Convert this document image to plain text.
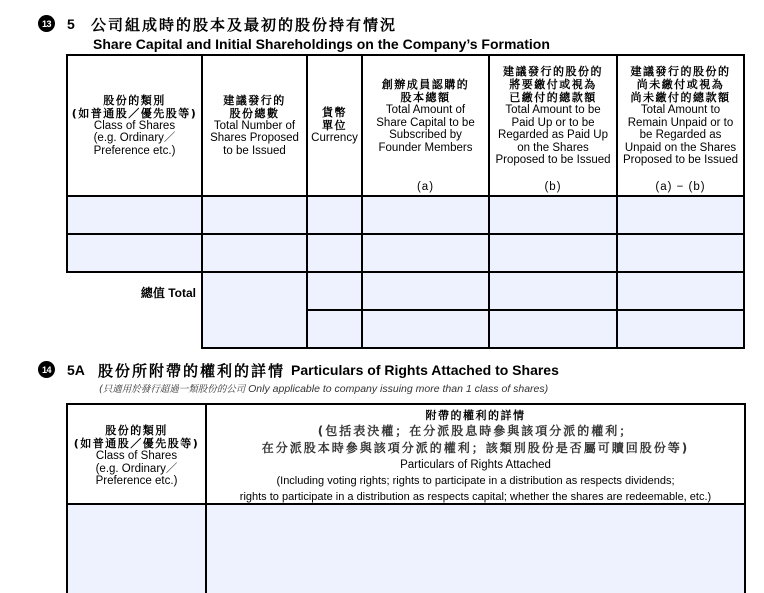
13 5 公司組成時的股本及最初的股份持有情況
Share Capital and Initial Shareholdings on the Company’s Formation
股份的類別
(如普通股／優先股等)
Class of Shares
(e.g. Ordinary／
Preference etc.)
建議發行的
股份總數
Total Number of
Shares Proposed
to be Issued
貨幣
單位
Currency
創辦成員認購的
股本總額
Total Amount of
Share Capital to be
Subscribed by
Founder Members
(a)
建議發行的股份的
將要繳付或視為
已繳付的總款額
Total Amount to be
Paid Up or to be
Regarded as Paid Up
on the Shares
Proposed to be Issued
(b)
建議發行的股份的
尚未繳付或視為
尚未繳付的總款額
Total Amount to
Remain Unpaid or to
be Regarded as
Unpaid on the Shares
Proposed to be Issued
(a) − (b)
總值 Total
14 5A 股份所附帶的權利的詳情 Particulars of Rights Attached to Shares
(只適用於發行超過一類股份的公司 Only applicable to company issuing more than 1 class of shares)
股份的類別
(如普通股／優先股等)
Class of Shares
(e.g. Ordinary／
Preference etc.)
附帶的權利的詳情
(包括表決權；在分派股息時參與該項分派的權利；
在分派股本時參與該項分派的權利；該類別股份是否屬可贖回股份等)
Particulars of Rights Attached
(Including voting rights; rights to participate in a distribution as respects dividends;
rights to participate in a distribution as respects capital; whether the shares are redeemable, etc.)
